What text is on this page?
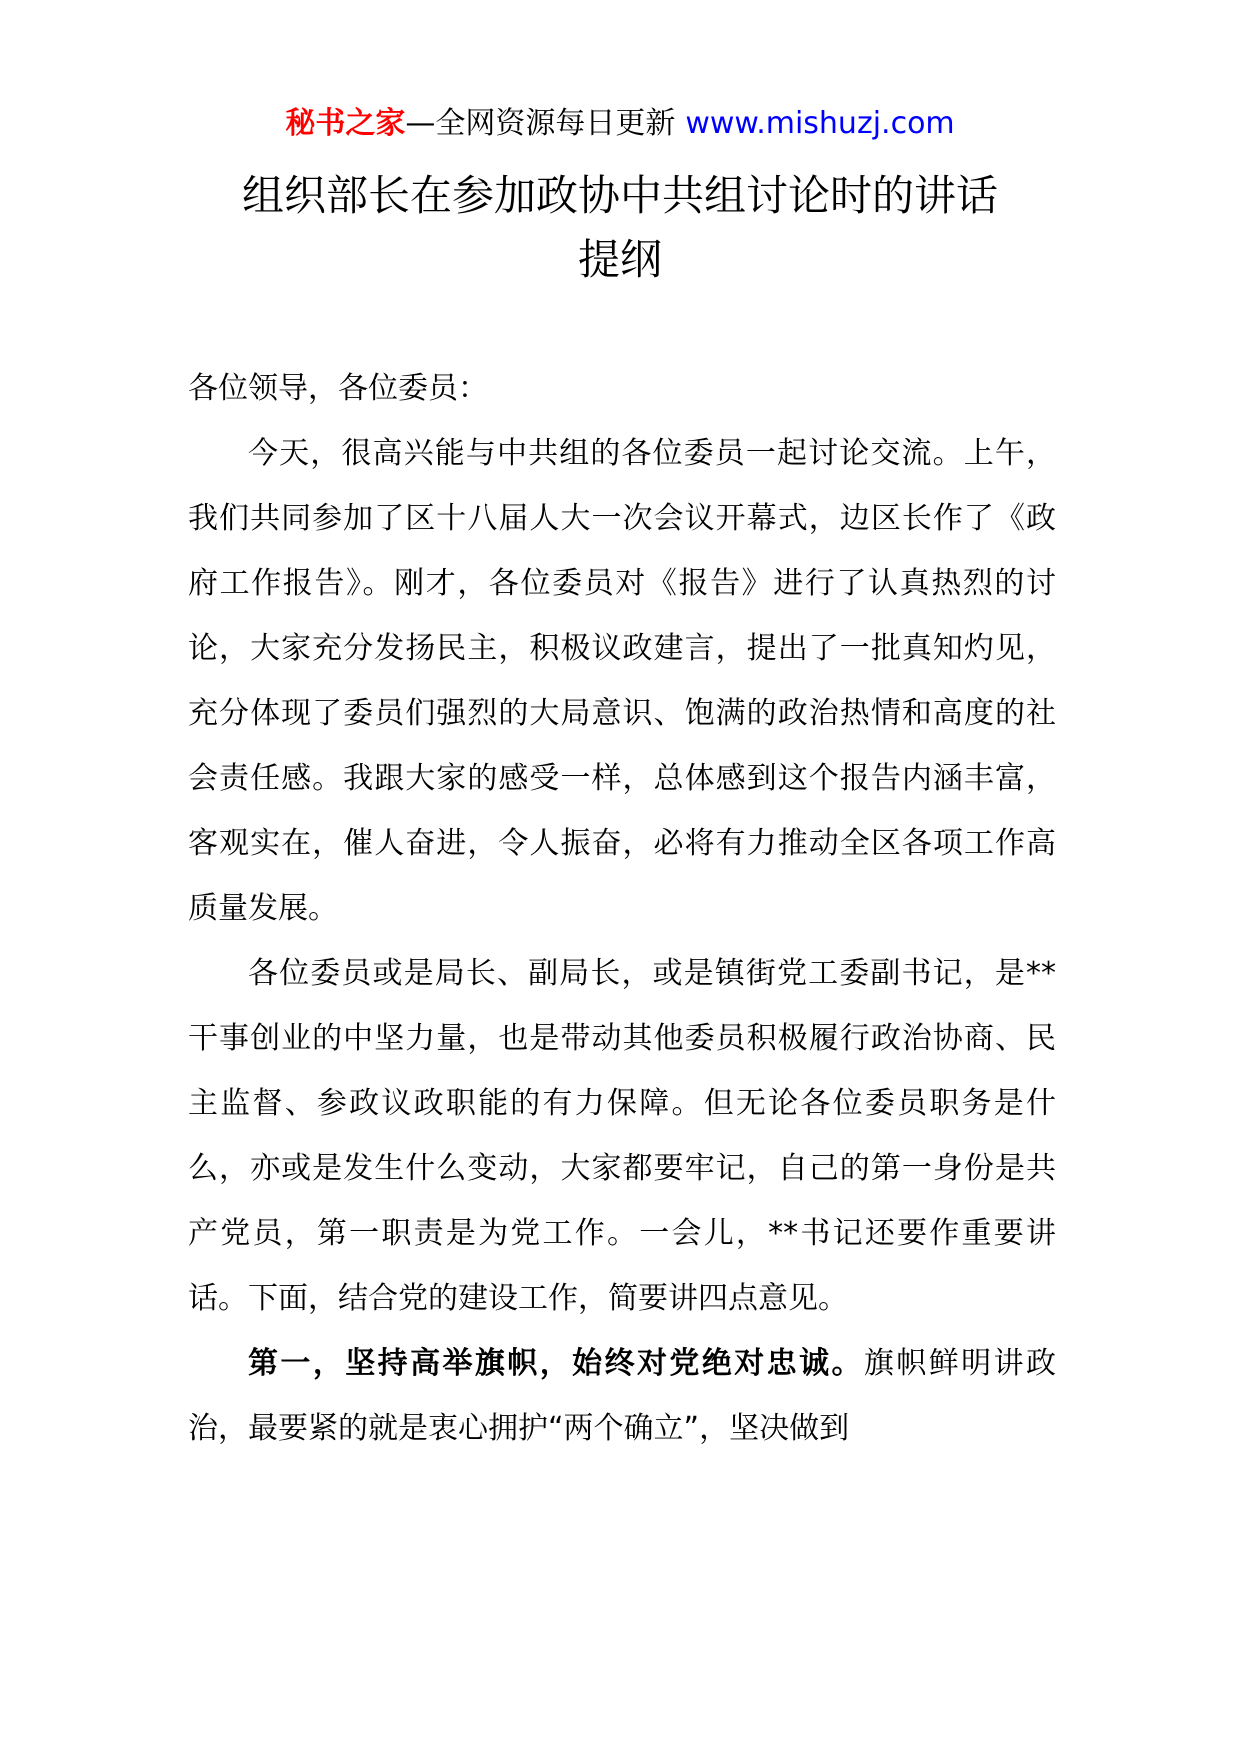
秘书之家—全网资源每日更新 www.mishuzj.com
组织部长在参加政协中共组讨论时的讲话
提纲

各位领导，各位委员：

今天，很高兴能与中共组的各位委员一起讨论交流。上午，我们共同参加了区十八届人大一次会议开幕式，边区长作了《政府工作报告》。刚才，各位委员对《报告》进行了认真热烈的讨论，大家充分发扬民主，积极议政建言，提出了一批真知灼见，充分体现了委员们强烈的大局意识、饱满的政治热情和高度的社会责任感。我跟大家的感受一样，总体感到这个报告内涵丰富，客观实在，催人奋进，令人振奋，必将有力推动全区各项工作高质量发展。

各位委员或是局长、副局长，或是镇街党工委副书记，是**干事创业的中坚力量，也是带动其他委员积极履行政治协商、民主监督、参政议政职能的有力保障。但无论各位委员职务是什么，亦或是发生什么变动，大家都要牢记，自己的第一身份是共产党员，第一职责是为党工作。一会儿，**书记还要作重要讲话。下面，结合党的建设工作，简要讲四点意见。

第一，坚持高举旗帜，始终对党绝对忠诚。旗帜鲜明讲政治，最要紧的就是衷心拥护“两个确立”，坚决做到
